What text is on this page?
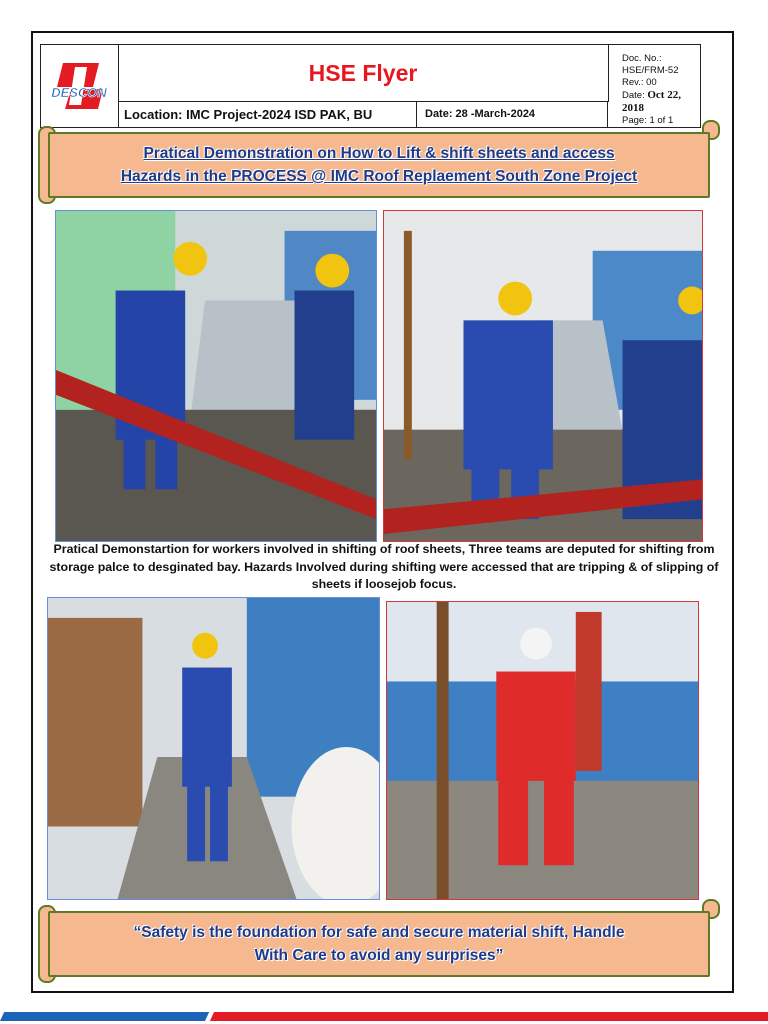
DESCON
HSE Flyer
Location: IMC Project-2024 ISD PAK, BU	Date: 28 -March-2024
Doc. No.: HSE/FRM-52
Rev.: 00
Date: Oct 22, 2018
Page: 1 of 1
Pratical Demonstration on How to Lift & shift sheets and access
Hazards in the PROCESS @ IMC Roof Replaement South Zone Project
Pratical Demonstartion for workers involved in shifting of roof sheets, Three teams are deputed for shifting from storage palce to desginated bay. Hazards Involved during shifting were accessed that are tripping & of slipping of sheets if loosejob focus.
“Safety is the foundation for safe and secure material shift, Handle
With Care to avoid any surprises”
